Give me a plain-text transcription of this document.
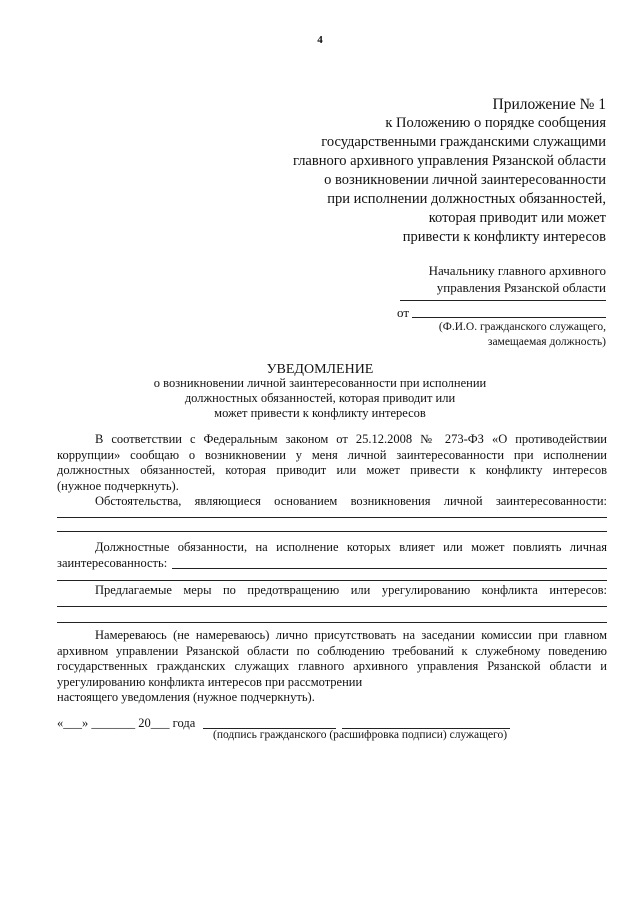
4
Приложение № 1
к Положению о порядке сообщения
государственными гражданскими служащими
главного архивного управления Рязанской области
о возникновении личной заинтересованности
при исполнении должностных обязанностей,
которая приводит или может
привести к конфликту интересов
Начальнику главного архивного
управления Рязанской области
от
(Ф.И.О. гражданского служащего,
замещаемая должность)
УВЕДОМЛЕНИЕ
о возникновении личной заинтересованности при исполнении
должностных обязанностей, которая приводит или
может привести к конфликту интересов
В соответствии с Федеральным законом от 25.12.2008 № 273-ФЗ «О противодействии
коррупции» сообщаю о возникновении у меня личной заинтересованности при исполнении
должностных обязанностей, которая приводит или может привести к конфликту интересов
(нужное подчеркнуть).
Обстоятельства, являющиеся основанием возникновения личной заинтересованности:
Должностные обязанности, на исполнение которых влияет или может повлиять личная
заинтересованность:
Предлагаемые меры по предотвращению или урегулированию конфликта интересов:
Намереваюсь (не намереваюсь) лично присутствовать на заседании комиссии при главном
архивном управлении Рязанской области по соблюдению требований к служебному поведению
государственных гражданских служащих главного архивного управления Рязанской области и
урегулированию конфликта интересов при рассмотрении
настоящего уведомления (нужное подчеркнуть).
«___» _______ 20___ года
(подпись гражданского (расшифровка подписи) служащего)
